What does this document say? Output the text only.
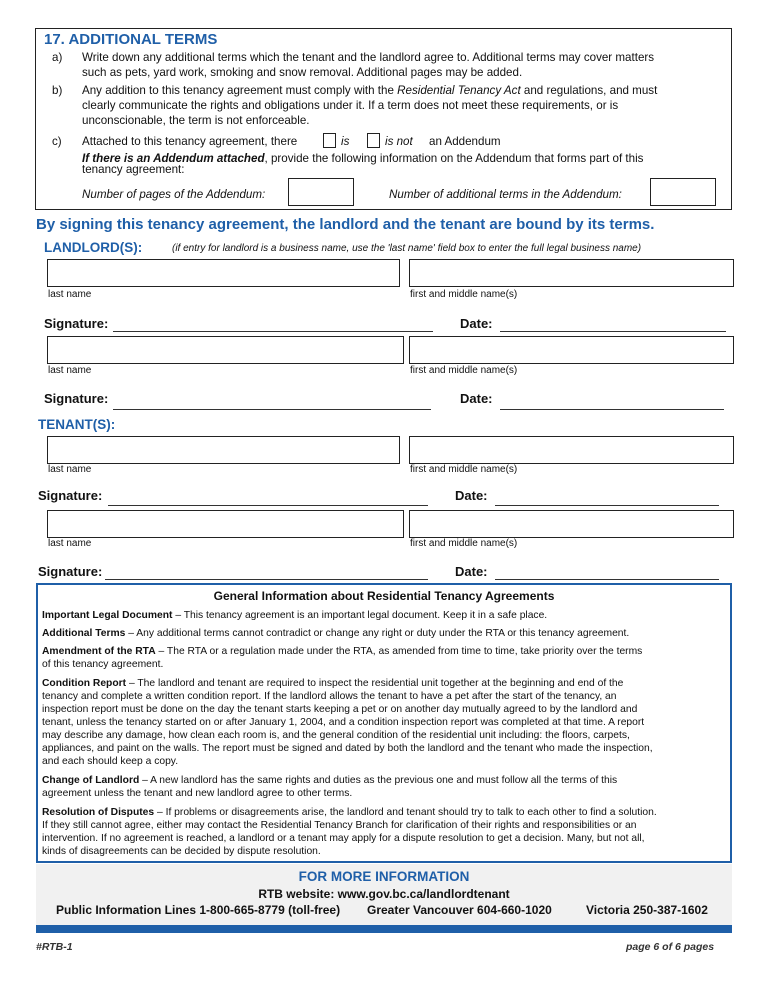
17. ADDITIONAL TERMS
a) Write down any additional terms which the tenant and the landlord agree to. Additional terms may cover matters
such as pets, yard work, smoking and snow removal. Additional pages may be added.
b) Any addition to this tenancy agreement must comply with the Residential Tenancy Act and regulations, and must
clearly communicate the rights and obligations under it. If a term does not meet these requirements, or is
unconscionable, the term is not enforceable.
c) Attached to this tenancy agreement, there	is	is not an Addendum
If there is an Addendum attached, provide the following information on the Addendum that forms part of this
tenancy agreement:
Number of pages of the Addendum:	Number of additional terms in the Addendum:
By signing this tenancy agreement, the landlord and the tenant are bound by its terms.
LANDLORD(S):	(if entry for landlord is a business name, use the 'last name' field box to enter the full legal business name)
last name	first and middle name(s)
Signature:	Date:
last name	first and middle name(s)
Signature:	Date:
TENANT(S):
last name	first and middle name(s)
Signature:	Date:
last name	first and middle name(s)
Signature:	Date:
General Information about Residential Tenancy Agreements
Important Legal Document – This tenancy agreement is an important legal document. Keep it in a safe place.
Additional Terms – Any additional terms cannot contradict or change any right or duty under the RTA or this tenancy agreement.
Amendment of the RTA – The RTA or a regulation made under the RTA, as amended from time to time, take priority over the terms
of this tenancy agreement.
Condition Report – The landlord and tenant are required to inspect the residential unit together at the beginning and end of the
tenancy and complete a written condition report. If the landlord allows the tenant to have a pet after the start of the tenancy, an
inspection report must be done on the day the tenant starts keeping a pet or on another day mutually agreed to by the landlord and
tenant, unless the tenancy started on or after January 1, 2004, and a condition inspection report was completed at that time. A report
may describe any damage, how clean each room is, and the general condition of the residential unit including: the floors, carpets,
appliances, and paint on the walls. The report must be signed and dated by both the landlord and the tenant who made the inspection,
and each should keep a copy.
Change of Landlord – A new landlord has the same rights and duties as the previous one and must follow all the terms of this
agreement unless the tenant and new landlord agree to other terms.
Resolution of Disputes – If problems or disagreements arise, the landlord and tenant should try to talk to each other to find a solution.
If they still cannot agree, either may contact the Residential Tenancy Branch for clarification of their rights and responsibilities or an
intervention. If no agreement is reached, a landlord or a tenant may apply for a dispute resolution to get a decision. Many, but not all,
kinds of disagreements can be decided by dispute resolution.
FOR MORE INFORMATION
RTB website: www.gov.bc.ca/landlordtenant
Public Information Lines 1-800-665-8779 (toll-free) Greater Vancouver 604-660-1020	Victoria 250-387-1602
#RTB-1	page 6 of 6 pages
